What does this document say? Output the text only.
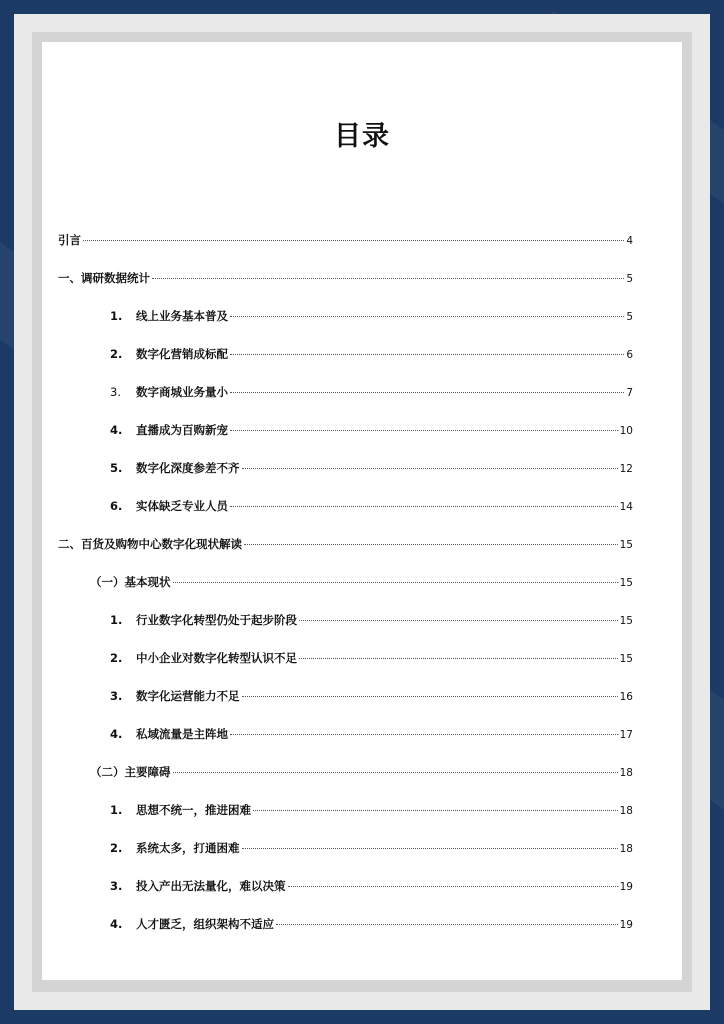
目录
引言	4
一、调研数据统计	5
1.	线上业务基本普及	5
2.	数字化营销成标配	6
3.	数字商城业务量小	7
4.	直播成为百购新宠	10
5.	数字化深度参差不齐	12
6.	实体缺乏专业人员	14
二、百货及购物中心数字化现状解读	15
（一）基本现状	15
1.	行业数字化转型仍处于起步阶段	15
2.	中小企业对数字化转型认识不足	15
3.	数字化运营能力不足	16
4.	私域流量是主阵地	17
（二）主要障碍	18
1.	思想不统一，推进困难	18
2.	系统太多，打通困难	18
3.	投入产出无法量化，难以决策	19
4.	人才匮乏，组织架构不适应	19
